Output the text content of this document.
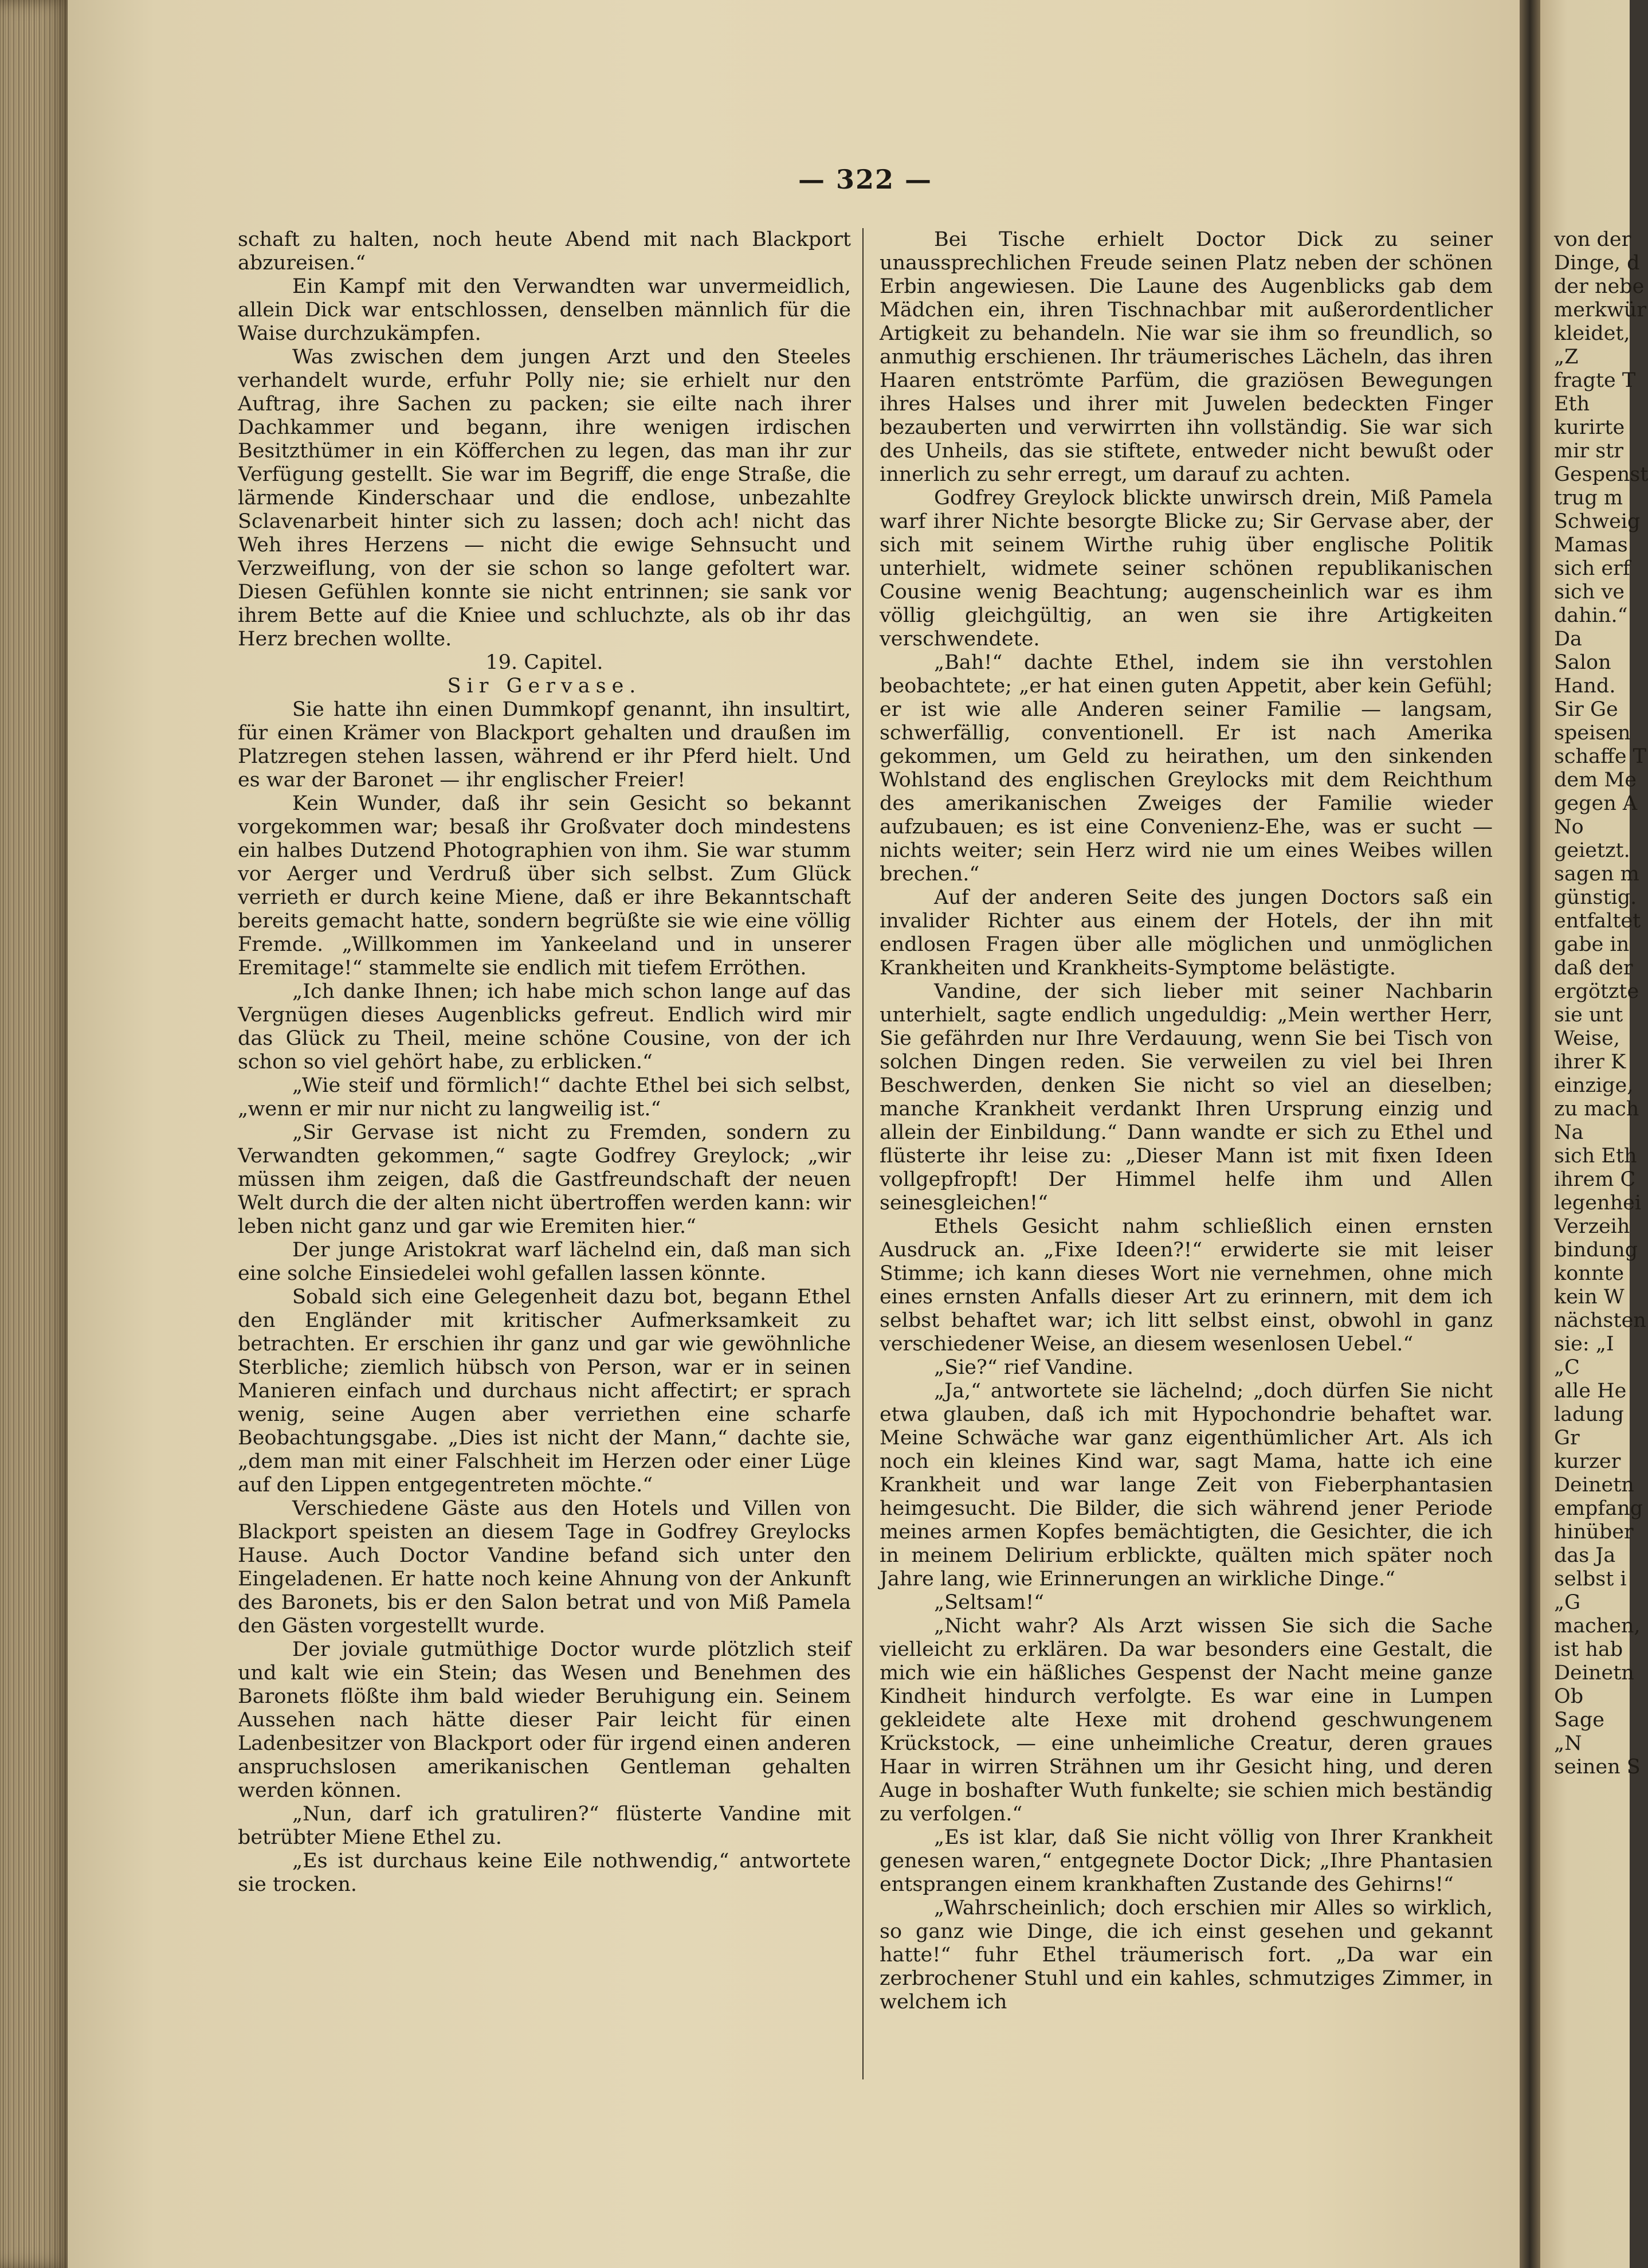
— 322 —

schaft zu halten, noch heute Abend mit nach Blackport abzureisen.“

Ein Kampf mit den Verwandten war unvermeidlich, allein Dick war entschlossen, denselben männlich für die Waise durchzukämpfen.

Was zwischen dem jungen Arzt und den Steeles verhandelt wurde, erfuhr Polly nie; sie erhielt nur den Auftrag, ihre Sachen zu packen; sie eilte nach ihrer Dachkammer und begann, ihre wenigen irdischen Besitzthümer in ein Köfferchen zu legen, das man ihr zur Verfügung gestellt. Sie war im Begriff, die enge Straße, die lärmende Kinderschaar und die endlose, unbezahlte Sclavenarbeit hinter sich zu lassen; doch ach! nicht das Weh ihres Herzens — nicht die ewige Sehnsucht und Verzweiflung, von der sie schon so lange gefoltert war. Diesen Gefühlen konnte sie nicht entrinnen; sie sank vor ihrem Bette auf die Kniee und schluchzte, als ob ihr das Herz brechen wollte.

19. Capitel.

Sir Gervase.

Sie hatte ihn einen Dummkopf genannt, ihn insultirt, für einen Krämer von Blackport gehalten und draußen im Platzregen stehen lassen, während er ihr Pferd hielt. Und es war der Baronet — ihr englischer Freier!

Kein Wunder, daß ihr sein Gesicht so bekannt vorgekommen war; besaß ihr Großvater doch mindestens ein halbes Dutzend Photographien von ihm. Sie war stumm vor Aerger und Verdruß über sich selbst. Zum Glück verrieth er durch keine Miene, daß er ihre Bekanntschaft bereits gemacht hatte, sondern begrüßte sie wie eine völlig Fremde. „Willkommen im Yankeeland und in unserer Eremitage!“ stammelte sie endlich mit tiefem Erröthen.

„Ich danke Ihnen; ich habe mich schon lange auf das Vergnügen dieses Augenblicks gefreut. Endlich wird mir das Glück zu Theil, meine schöne Cousine, von der ich schon so viel gehört habe, zu erblicken.“

„Wie steif und förmlich!“ dachte Ethel bei sich selbst, „wenn er mir nur nicht zu langweilig ist.“

„Sir Gervase ist nicht zu Fremden, sondern zu Verwandten gekommen,“ sagte Godfrey Greylock; „wir müssen ihm zeigen, daß die Gastfreundschaft der neuen Welt durch die der alten nicht übertroffen werden kann: wir leben nicht ganz und gar wie Eremiten hier.“

Der junge Aristokrat warf lächelnd ein, daß man sich eine solche Einsiedelei wohl gefallen lassen könnte.

Sobald sich eine Gelegenheit dazu bot, begann Ethel den Engländer mit kritischer Aufmerksamkeit zu betrachten. Er erschien ihr ganz und gar wie gewöhnliche Sterbliche; ziemlich hübsch von Person, war er in seinen Manieren einfach und durchaus nicht affectirt; er sprach wenig, seine Augen aber verriethen eine scharfe Beobachtungsgabe. „Dies ist nicht der Mann,“ dachte sie, „dem man mit einer Falschheit im Herzen oder einer Lüge auf den Lippen entgegentreten möchte.“

Verschiedene Gäste aus den Hotels und Villen von Blackport speisten an diesem Tage in Godfrey Greylocks Hause. Auch Doctor Vandine befand sich unter den Eingeladenen. Er hatte noch keine Ahnung von der Ankunft des Baronets, bis er den Salon betrat und von Miß Pamela den Gästen vorgestellt wurde.

Der joviale gutmüthige Doctor wurde plötzlich steif und kalt wie ein Stein; das Wesen und Benehmen des Baronets flößte ihm bald wieder Beruhigung ein. Seinem Aussehen nach hätte dieser Pair leicht für einen Ladenbesitzer von Blackport oder für irgend einen anderen anspruchslosen amerikanischen Gentleman gehalten werden können.

„Nun, darf ich gratuliren?“ flüsterte Vandine mit betrübter Miene Ethel zu.

„Es ist durchaus keine Eile nothwendig,“ antwortete sie trocken.

Bei Tische erhielt Doctor Dick zu seiner unaussprechlichen Freude seinen Platz neben der schönen Erbin angewiesen. Die Laune des Augenblicks gab dem Mädchen ein, ihren Tischnachbar mit außerordentlicher Artigkeit zu behandeln. Nie war sie ihm so freundlich, so anmuthig erschienen. Ihr träumerisches Lächeln, das ihren Haaren entströmte Parfüm, die graziösen Bewegungen ihres Halses und ihrer mit Juwelen bedeckten Finger bezauberten und verwirrten ihn vollständig. Sie war sich des Unheils, das sie stiftete, entweder nicht bewußt oder innerlich zu sehr erregt, um darauf zu achten.

Godfrey Greylock blickte unwirsch drein, Miß Pamela warf ihrer Nichte besorgte Blicke zu; Sir Gervase aber, der sich mit seinem Wirthe ruhig über englische Politik unterhielt, widmete seiner schönen republikanischen Cousine wenig Beachtung; augenscheinlich war es ihm völlig gleichgültig, an wen sie ihre Artigkeiten verschwendete.

„Bah!“ dachte Ethel, indem sie ihn verstohlen beobachtete; „er hat einen guten Appetit, aber kein Gefühl; er ist wie alle Anderen seiner Familie — langsam, schwerfällig, conventionell. Er ist nach Amerika gekommen, um Geld zu heirathen, um den sinkenden Wohlstand des englischen Greylocks mit dem Reichthum des amerikanischen Zweiges der Familie wieder aufzubauen; es ist eine Convenienz-Ehe, was er sucht — nichts weiter; sein Herz wird nie um eines Weibes willen brechen.“

Auf der anderen Seite des jungen Doctors saß ein invalider Richter aus einem der Hotels, der ihn mit endlosen Fragen über alle möglichen und unmöglichen Krankheiten und Krankheits-Symptome belästigte.

Vandine, der sich lieber mit seiner Nachbarin unterhielt, sagte endlich ungeduldig: „Mein werther Herr, Sie gefährden nur Ihre Verdauung, wenn Sie bei Tisch von solchen Dingen reden. Sie verweilen zu viel bei Ihren Beschwerden, denken Sie nicht so viel an dieselben; manche Krankheit verdankt Ihren Ursprung einzig und allein der Einbildung.“ Dann wandte er sich zu Ethel und flüsterte ihr leise zu: „Dieser Mann ist mit fixen Ideen vollgepfropft! Der Himmel helfe ihm und Allen seinesgleichen!“

Ethels Gesicht nahm schließlich einen ernsten Ausdruck an. „Fixe Ideen?!“ erwiderte sie mit leiser Stimme; ich kann dieses Wort nie vernehmen, ohne mich eines ernsten Anfalls dieser Art zu erinnern, mit dem ich selbst behaftet war; ich litt selbst einst, obwohl in ganz verschiedener Weise, an diesem wesenlosen Uebel.“

„Sie?“ rief Vandine.

„Ja,“ antwortete sie lächelnd; „doch dürfen Sie nicht etwa glauben, daß ich mit Hypochondrie behaftet war. Meine Schwäche war ganz eigenthümlicher Art. Als ich noch ein kleines Kind war, sagt Mama, hatte ich eine Krankheit und war lange Zeit von Fieberphantasien heimgesucht. Die Bilder, die sich während jener Periode meines armen Kopfes bemächtigten, die Gesichter, die ich in meinem Delirium erblickte, quälten mich später noch Jahre lang, wie Erinnerungen an wirkliche Dinge.“

„Seltsam!“

„Nicht wahr? Als Arzt wissen Sie sich die Sache vielleicht zu erklären. Da war besonders eine Gestalt, die mich wie ein häßliches Gespenst der Nacht meine ganze Kindheit hindurch verfolgte. Es war eine in Lumpen gekleidete alte Hexe mit drohend geschwungenem Krückstock, — eine unheimliche Creatur, deren graues Haar in wirren Strähnen um ihr Gesicht hing, und deren Auge in boshafter Wuth funkelte; sie schien mich beständig zu verfolgen.“

„Es ist klar, daß Sie nicht völlig von Ihrer Krankheit genesen waren,“ entgegnete Doctor Dick; „Ihre Phantasien entsprangen einem krankhaften Zustande des Gehirns!“

„Wahrscheinlich; doch erschien mir Alles so wirklich, so ganz wie Dinge, die ich einst gesehen und gekannt hatte!“ fuhr Ethel träumerisch fort. „Da war ein zerbrochener Stuhl und ein kahles, schmutziges Zimmer, in welchem ich

von der
Dinge, d
der nebe
merkwür
kleidet,
„Z
fragte T
Eth
kurirte
mir str
Gespenst
trug m
Schweig
Mamas
sich erf
sich ve
dahin.“
Da
Salon
Hand.
Sir Ge
speisen
schaffe T
dem Me
gegen A
No
geietzt.
sagen m
günstig.
entfaltet
gabe in
daß der
ergötzte
sie unt
Weise,
ihrer K
einzige,
zu mach
Na
sich Eth
ihrem C
legenhei
Verzeih
bindung
konnte
kein W
nächsten
sie: „I
„C
alle He
ladung
Gr
kurzer
Deinetn
empfang
hinüber
das Ja
selbst i
„G
machen,
ist hab
Deinetn
Ob
Sage
„N
seinen S
